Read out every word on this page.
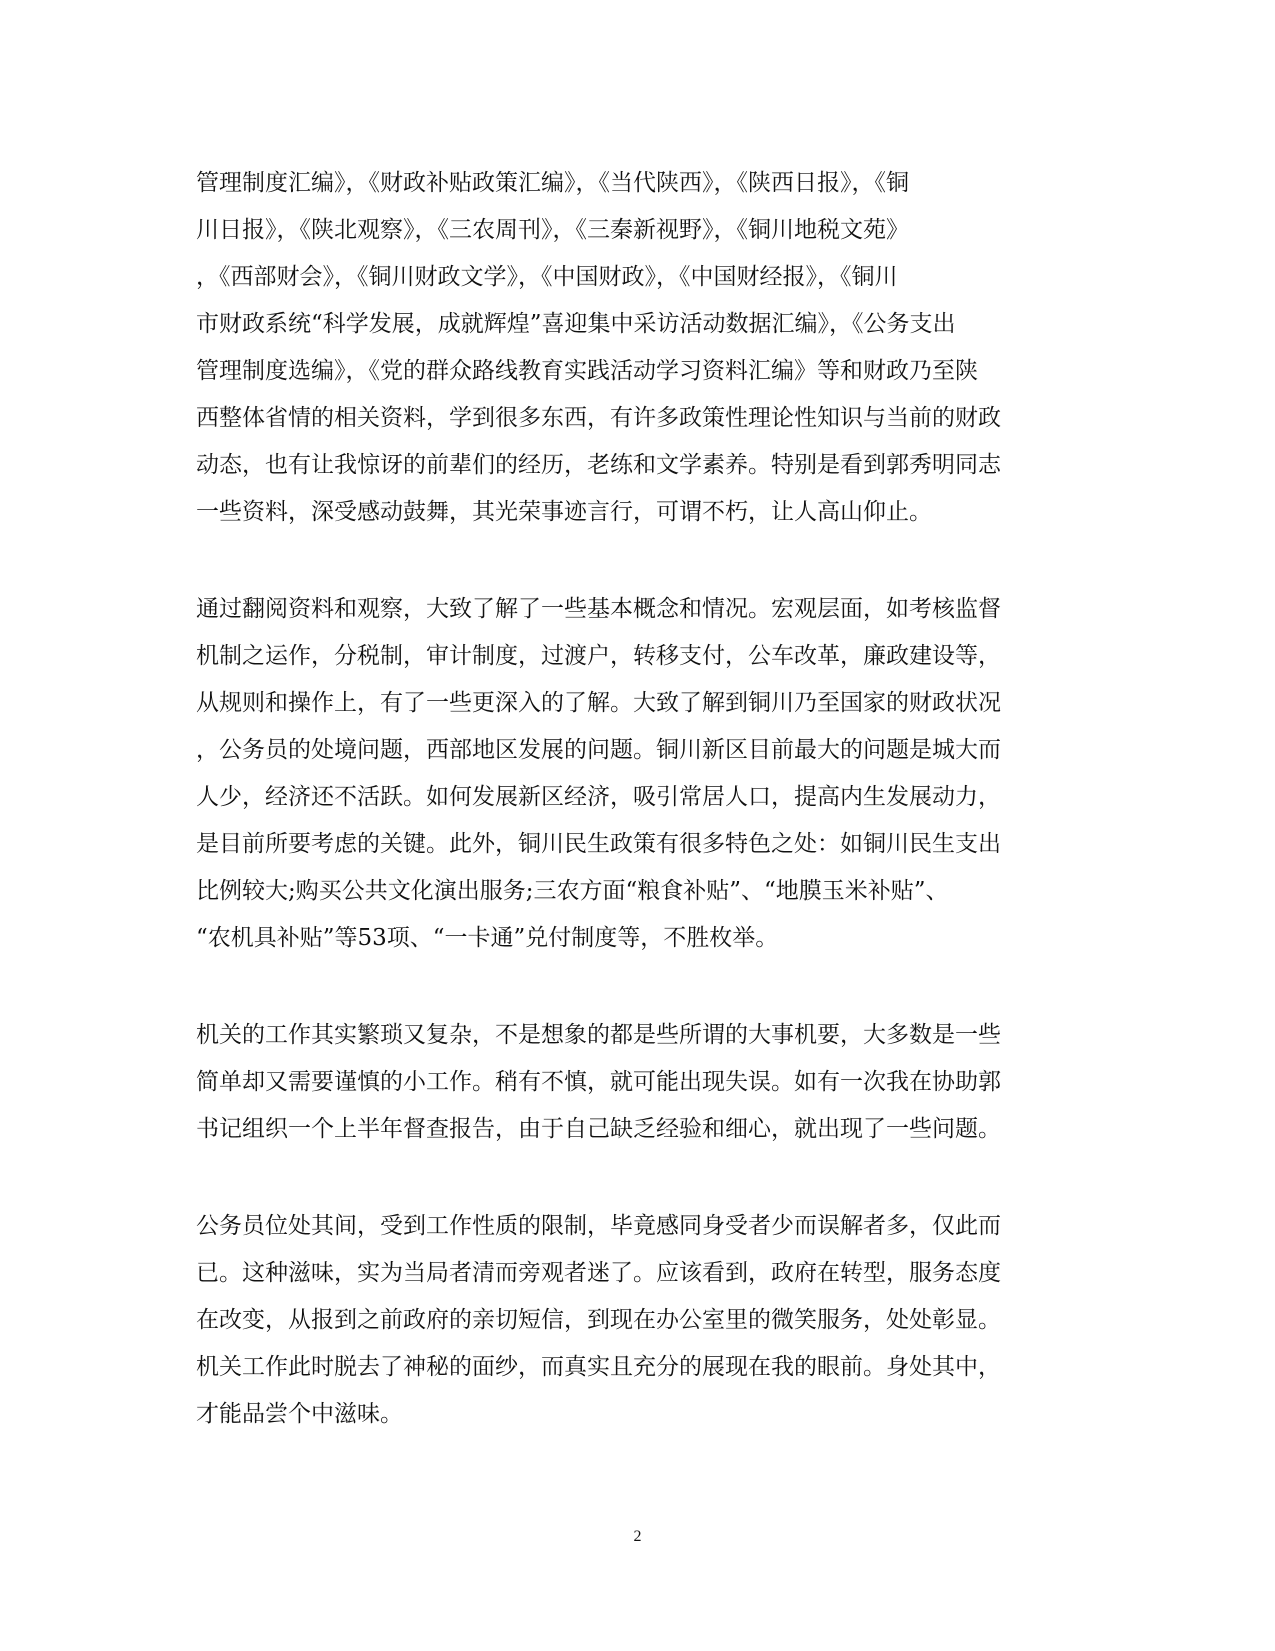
管理制度汇编》，《财政补贴政策汇编》，《当代陕西》，《陕西日报》，《铜
川日报》，《陕北观察》，《三农周刊》，《三秦新视野》，《铜川地税文苑》
，《西部财会》，《铜川财政文学》，《中国财政》，《中国财经报》，《铜川
市财政系统“科学发展，成就辉煌”喜迎集中采访活动数据汇编》，《公务支出
管理制度选编》，《党的群众路线教育实践活动学习资料汇编》等和财政乃至陕
西整体省情的相关资料，学到很多东西，有许多政策性理论性知识与当前的财政
动态，也有让我惊讶的前辈们的经历，老练和文学素养。特别是看到郭秀明同志
一些资料，深受感动鼓舞，其光荣事迹言行，可谓不朽，让人高山仰止。
通过翻阅资料和观察，大致了解了一些基本概念和情况。宏观层面，如考核监督
机制之运作，分税制，审计制度，过渡户，转移支付，公车改革，廉政建设等，
从规则和操作上，有了一些更深入的了解。大致了解到铜川乃至国家的财政状况
，公务员的处境问题，西部地区发展的问题。铜川新区目前最大的问题是城大而
人少，经济还不活跃。如何发展新区经济，吸引常居人口，提高内生发展动力，
是目前所要考虑的关键。此外，铜川民生政策有很多特色之处：如铜川民生支出
比例较大;购买公共文化演出服务;三农方面“粮食补贴”、“地膜玉米补贴”、
“农机具补贴”等53项、“一卡通”兑付制度等，不胜枚举。
机关的工作其实繁琐又复杂，不是想象的都是些所谓的大事机要，大多数是一些
简单却又需要谨慎的小工作。稍有不慎，就可能出现失误。如有一次我在协助郭
书记组织一个上半年督查报告，由于自己缺乏经验和细心，就出现了一些问题。
公务员位处其间，受到工作性质的限制，毕竟感同身受者少而误解者多，仅此而
已。这种滋味，实为当局者清而旁观者迷了。应该看到，政府在转型，服务态度
在改变，从报到之前政府的亲切短信，到现在办公室里的微笑服务，处处彰显。
机关工作此时脱去了神秘的面纱，而真实且充分的展现在我的眼前。身处其中，
才能品尝个中滋味。
2
